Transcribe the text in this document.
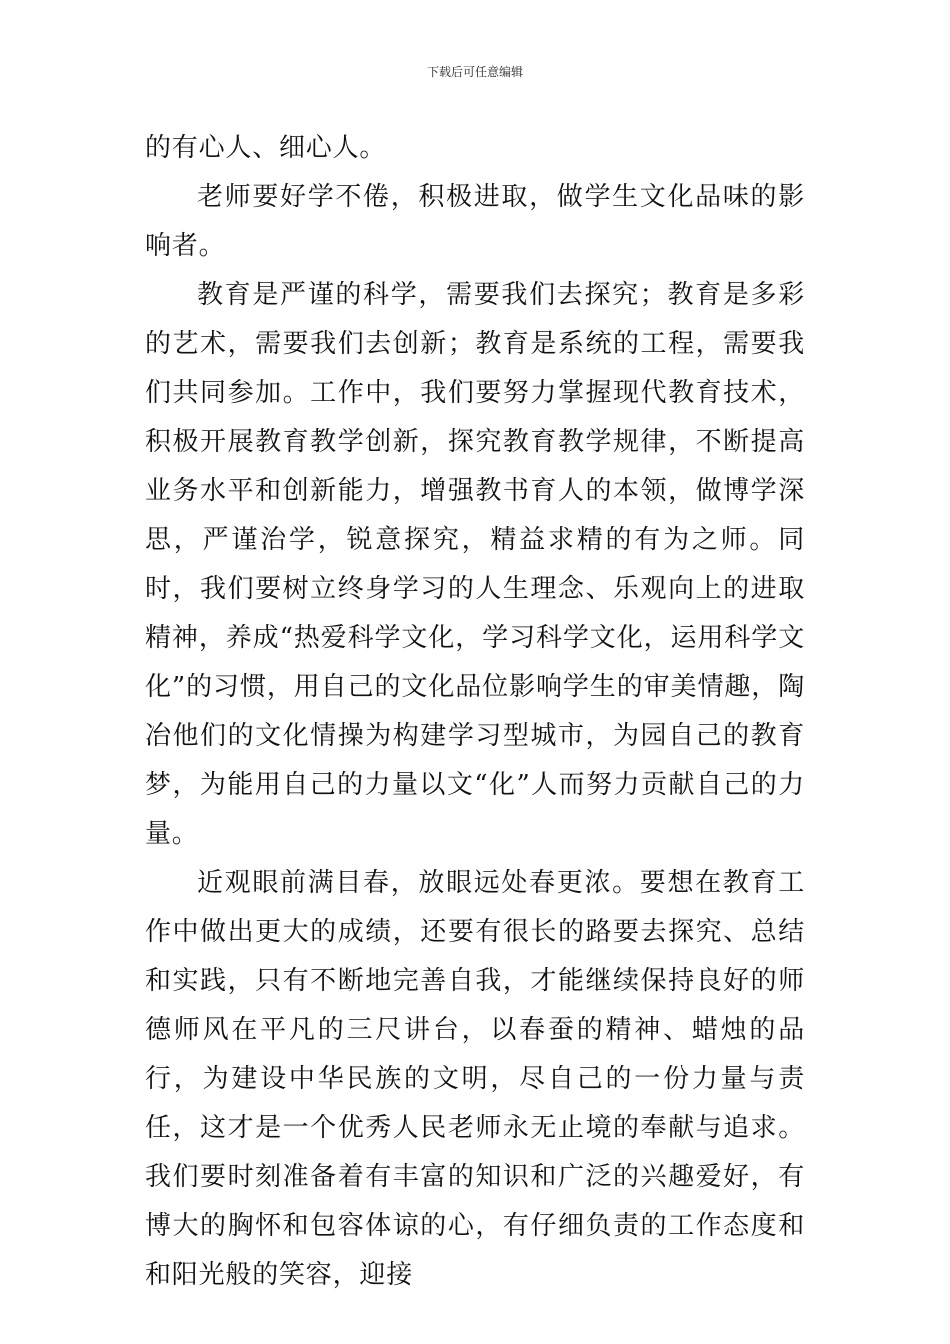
下载后可任意编辑

的有心人、细心人。

老师要好学不倦，积极进取，做学生文化品味的影响者。

教育是严谨的科学，需要我们去探究；教育是多彩的艺术，需要我们去创新；教育是系统的工程，需要我们共同参加。工作中，我们要努力掌握现代教育技术，积极开展教育教学创新，探究教育教学规律，不断提高业务水平和创新能力，增强教书育人的本领，做博学深思，严谨治学，锐意探究，精益求精的有为之师。同时，我们要树立终身学习的人生理念、乐观向上的进取精神，养成“热爱科学文化，学习科学文化，运用科学文化”的习惯，用自己的文化品位影响学生的审美情趣，陶冶他们的文化情操为构建学习型城市，为园自己的教育梦，为能用自己的力量以文“化”人而努力贡献自己的力量。

近观眼前满目春，放眼远处春更浓。要想在教育工作中做出更大的成绩，还要有很长的路要去探究、总结和实践，只有不断地完善自我，才能继续保持良好的师德师风在平凡的三尺讲台，以春蚕的精神、蜡烛的品行，为建设中华民族的文明，尽自己的一份力量与责任，这才是一个优秀人民老师永无止境的奉献与追求。我们要时刻准备着有丰富的知识和广泛的兴趣爱好，有博大的胸怀和包容体谅的心，有仔细负责的工作态度和和阳光般的笑容，迎接
